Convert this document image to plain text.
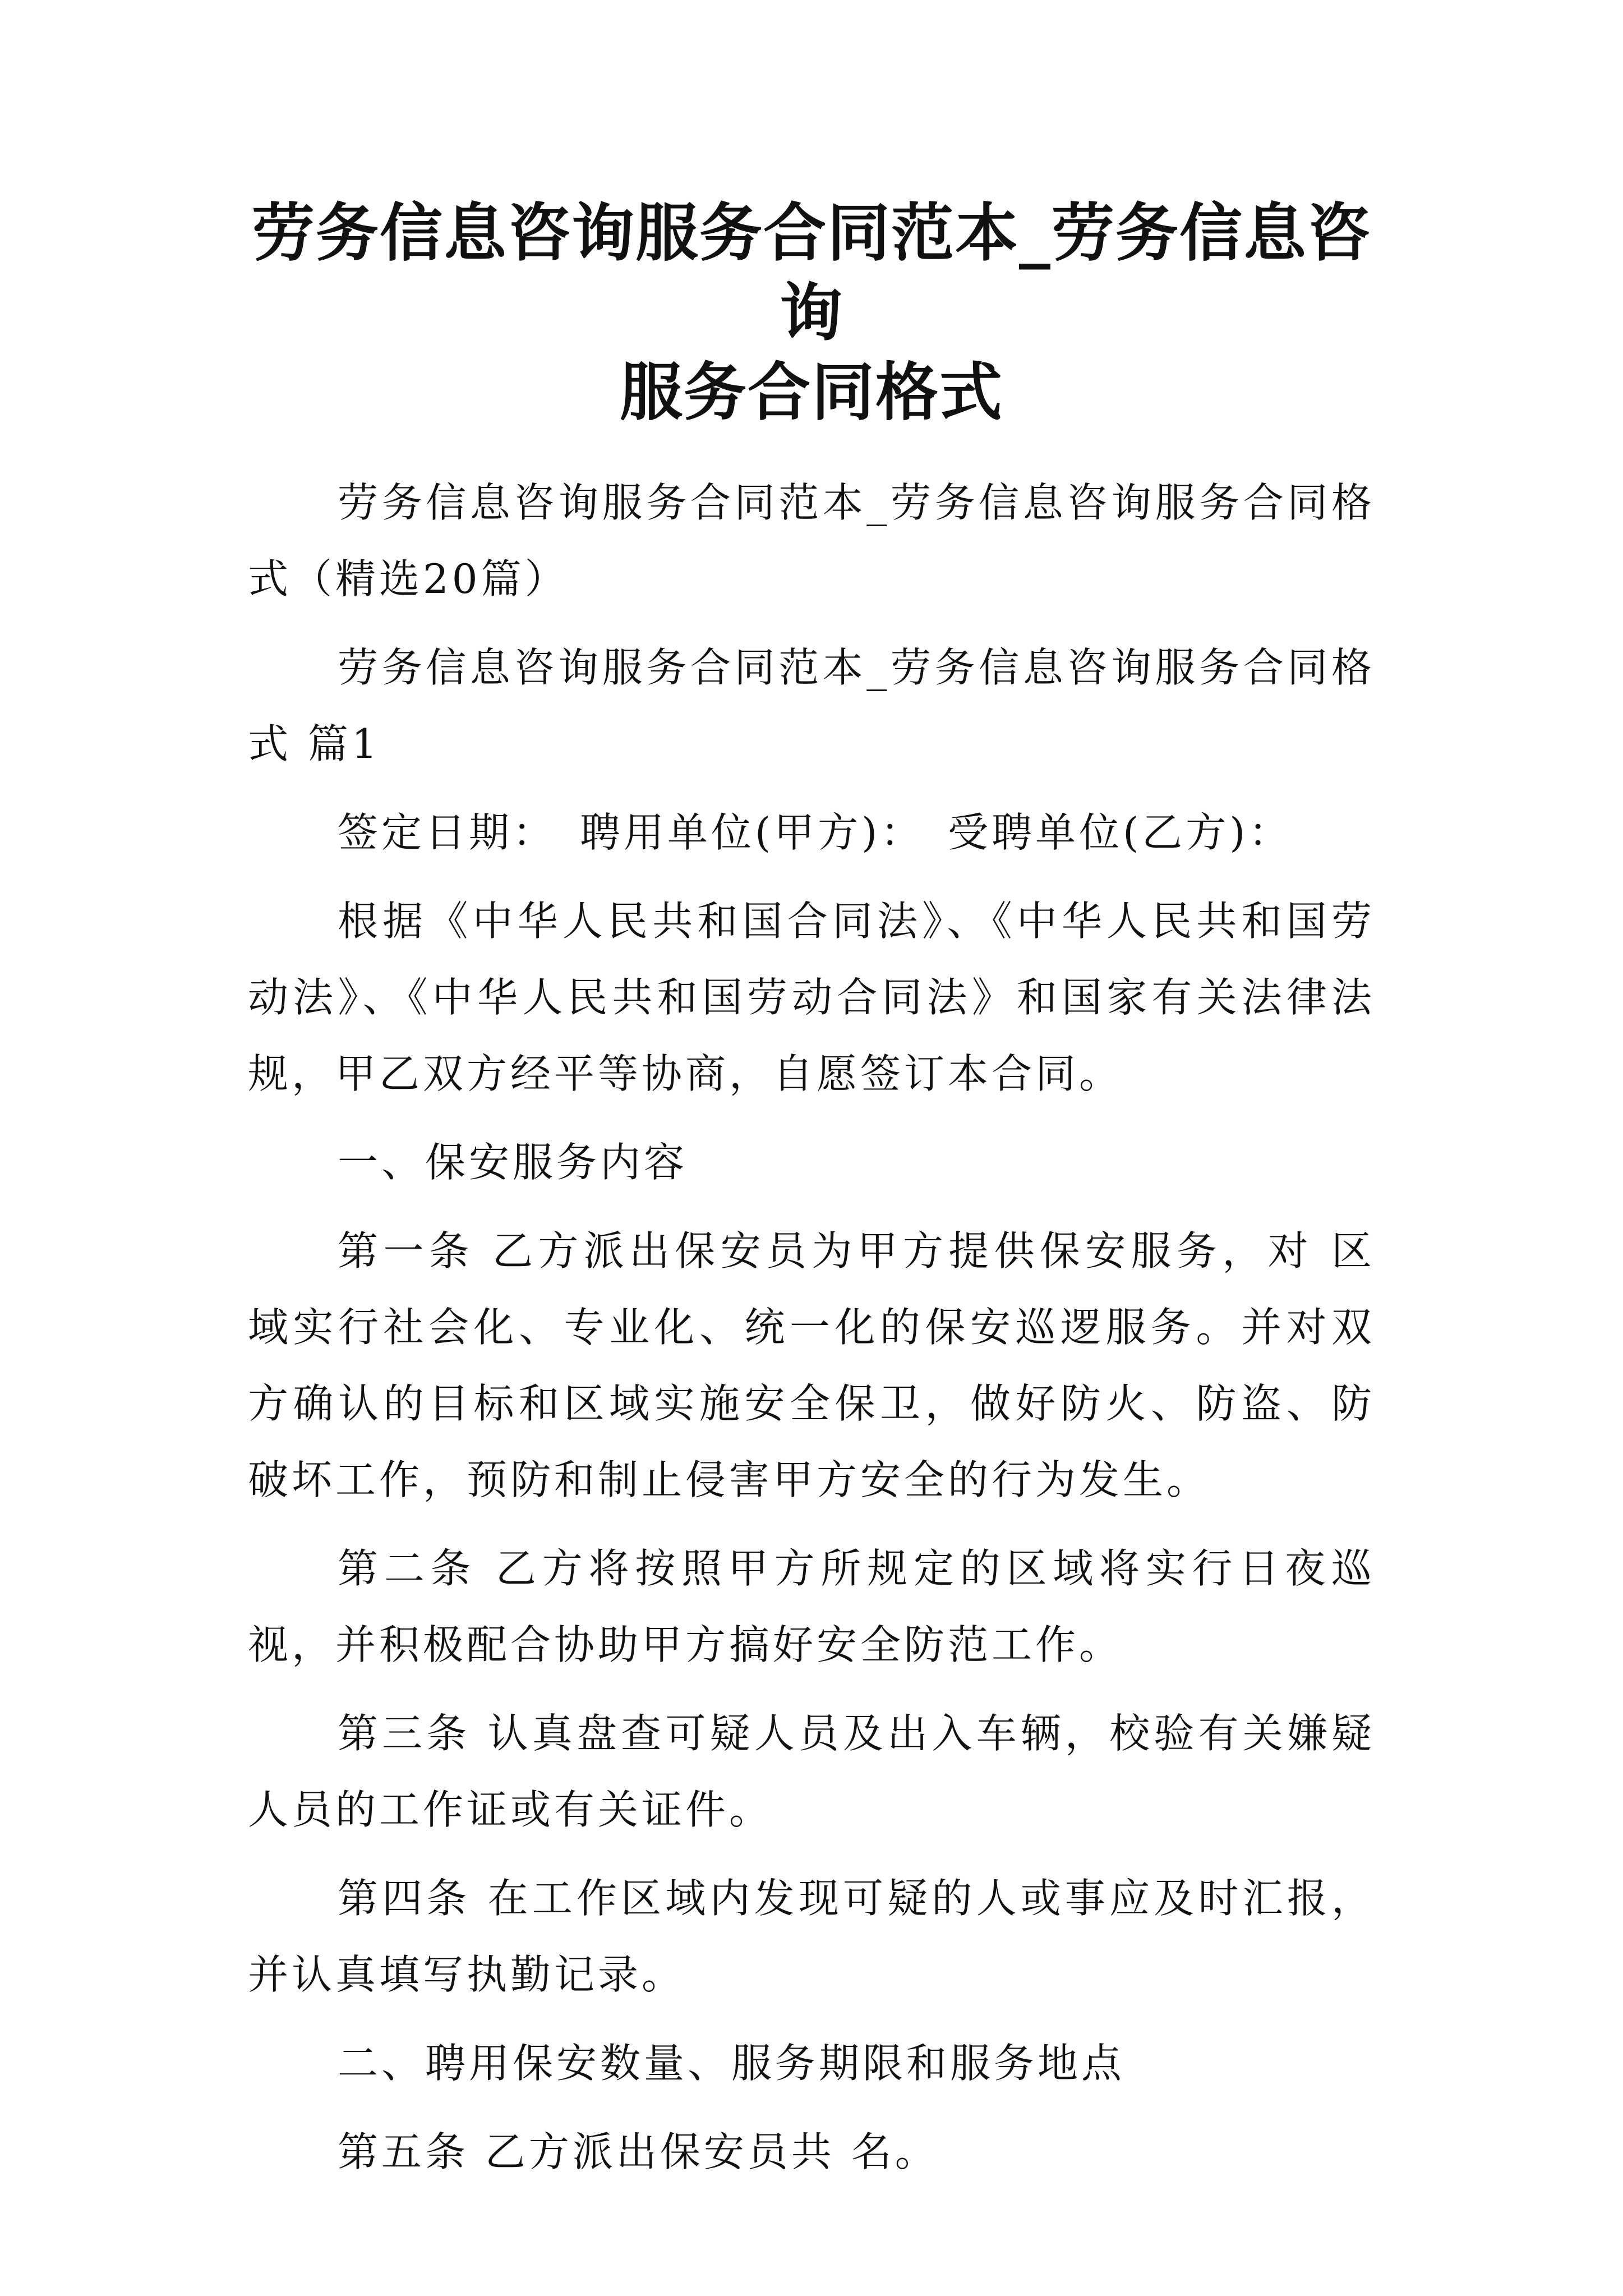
劳务信息咨询服务合同范本_劳务信息咨询
服务合同格式

劳务信息咨询服务合同范本_劳务信息咨询服务合同格式（精选20篇）

劳务信息咨询服务合同范本_劳务信息咨询服务合同格式 篇1

签定日期：　聘用单位(甲方)：　受聘单位(乙方)：

根据《中华人民共和国合同法》、《中华人民共和国劳动法》、《中华人民共和国劳动合同法》和国家有关法律法规，甲乙双方经平等协商，自愿签订本合同。

一、保安服务内容

第一条 乙方派出保安员为甲方提供保安服务，对 区域实行社会化、专业化、统一化的保安巡逻服务。并对双方确认的目标和区域实施安全保卫，做好防火、防盗、防破坏工作，预防和制止侵害甲方安全的行为发生。

第二条 乙方将按照甲方所规定的区域将实行日夜巡视，并积极配合协助甲方搞好安全防范工作。

第三条 认真盘查可疑人员及出入车辆，校验有关嫌疑人员的工作证或有关证件。

第四条 在工作区域内发现可疑的人或事应及时汇报，并认真填写执勤记录。

二、聘用保安数量、服务期限和服务地点

第五条 乙方派出保安员共 名。
